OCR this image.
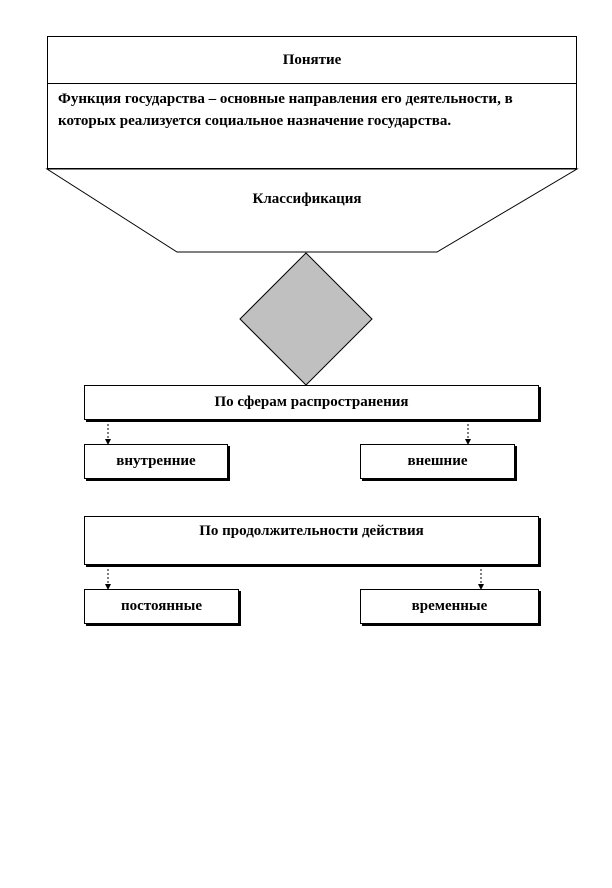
Понятие
Функция государства – основные направления его деятельности, в которых реализуется социальное назначение государства.
Классификация
По сферам распространения
внутренние	внешние
По продолжительности действия
постоянные	временные
